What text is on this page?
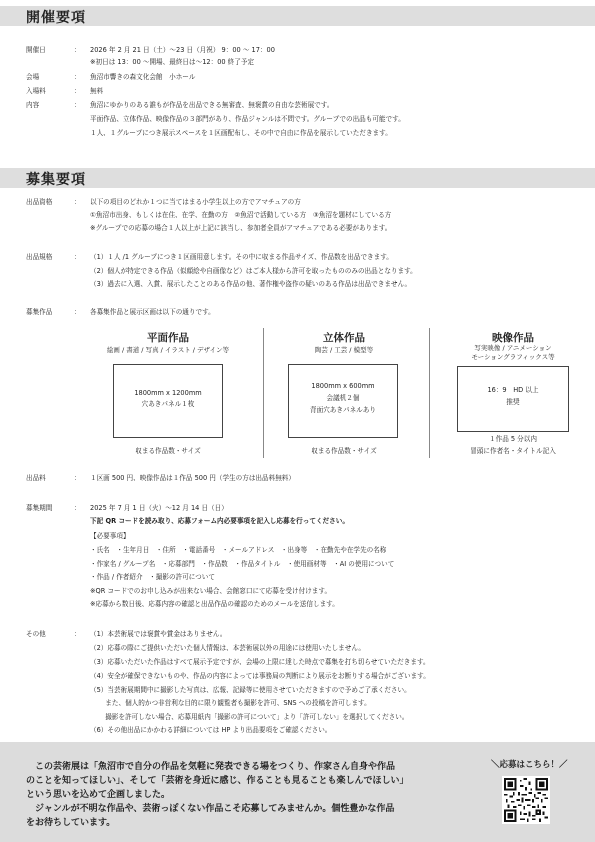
開催要項
開催日	： 2026 年 2 月 21 日（土）～23 日（月祝） 9：00 ～ 17：00
※初日は 13：00 ～開場、最終日は～12：00 終了予定
会場	： 魚沼市響きの森文化会館　小ホール
入場料	： 無料
内容	： 魚沼にゆかりのある誰もが作品を出品できる無審査、無褒賞の自由な芸術展です。
平面作品、立体作品、映像作品の３部門があり、作品ジャンルは不問です。グループでの出品も可能です。
１人、１グループにつき展示スペースを１区画配布し、その中で自由に作品を展示していただきます。
募集要項
出品資格	： 以下の項目のどれか１つに当てはまる小学生以上の方でアマチュアの方
①魚沼市出身、もしくは在住、在学、在勤の方　②魚沼で活動している方　③魚沼を題材にしている方
※グループでの応募の場合１人以上が上記に該当し、参加者全員がアマチュアである必要があります。
出品規格	： （1）１人 /1 グループにつき１区画用意します。その中に収まる作品サイズ、作品数を出品できます。
（2）個人が特定できる作品（似顔絵や自画像など）はご本人様から許可を取ったもののみの出品となります。
（3）過去に入選、入賞、展示したことのある作品の他、著作権や盗作の疑いのある作品は出品できません。
募集作品	： 各募集作品と展示区画は以下の通りです。
平面作品
絵画 / 書道 / 写真 / イラスト / デザイン等
1800mm x 1200mm
穴あきパネル１枚
収まる作品数・サイズ
立体作品
陶芸 / 工芸 / 模型等
1800mm x 600mm
会議机２個
背面穴あきパネルあり
収まる作品数・サイズ
映像作品
写実映像 / アニメーション
モーショングラフィックス等
16：9　HD 以上
推奨
１作品 5 分以内
冒頭に作者名・タイトル記入
出品料	： １区画 500 円、映像作品は１作品 500 円（学生の方は出品料無料）
募集期間	： 2025 年 7 月 1 日（火）～12 月 14 日（日）
下記 QR コードを読み取り、応募フォーム内必要事項を記入し応募を行ってください。
【必要事項】
・氏名　・生年月日　・住所　・電話番号　・メールアドレス　・出身等　・在勤先や在学先の名称
・作家名 / グループ名　・応募部門　・作品数　・作品タイトル　・使用画材等　・AI の使用について
・作品 / 作者紹介　・撮影の許可について
※QR コードでのお申し込みが出来ない場合、会館窓口にて応募を受け付けます。
※応募から数日後、応募内容の確認と出品作品の確認のためのメールを送信します。
その他	： （1）本芸術展では褒賞や賞金はありません。
（2）応募の際にご提供いただいた個人情報は、本芸術展以外の用途には使用いたしません。
（3）応募いただいた作品はすべて展示予定ですが、会場の上限に達した時点で募集を打ち切らせていただきます。
（4）安全が確保できないものや、作品の内容によっては事務局の判断により展示をお断りする場合がございます。
（5）当芸術展期間中に撮影した写真は、広報、記録等に使用させていただきますので予めご了承ください。
　　 また、個人的かつ非営利な目的に限り観覧者も撮影を許可、SNS への投稿を許可します。
　　 撮影を許可しない場合、応募用紙内「撮影の許可について」より「許可しない」を選択してください。
（6）その他出品にかかわる詳細については HP より出品要項をご確認ください。
　この芸術展は「魚沼市で自分の作品を気軽に発表できる場をつくり、作家さん自身や作品
のことを知ってほしい」、そして「芸術を身近に感じ、作ることも見ることも楽しんでほしい」
という思いを込めて企画しました。
　ジャンルが不明な作品や、芸術っぽくない作品こそ応募してみませんか。個性豊かな作品
をお待ちしています。
＼応募はこちら！／
